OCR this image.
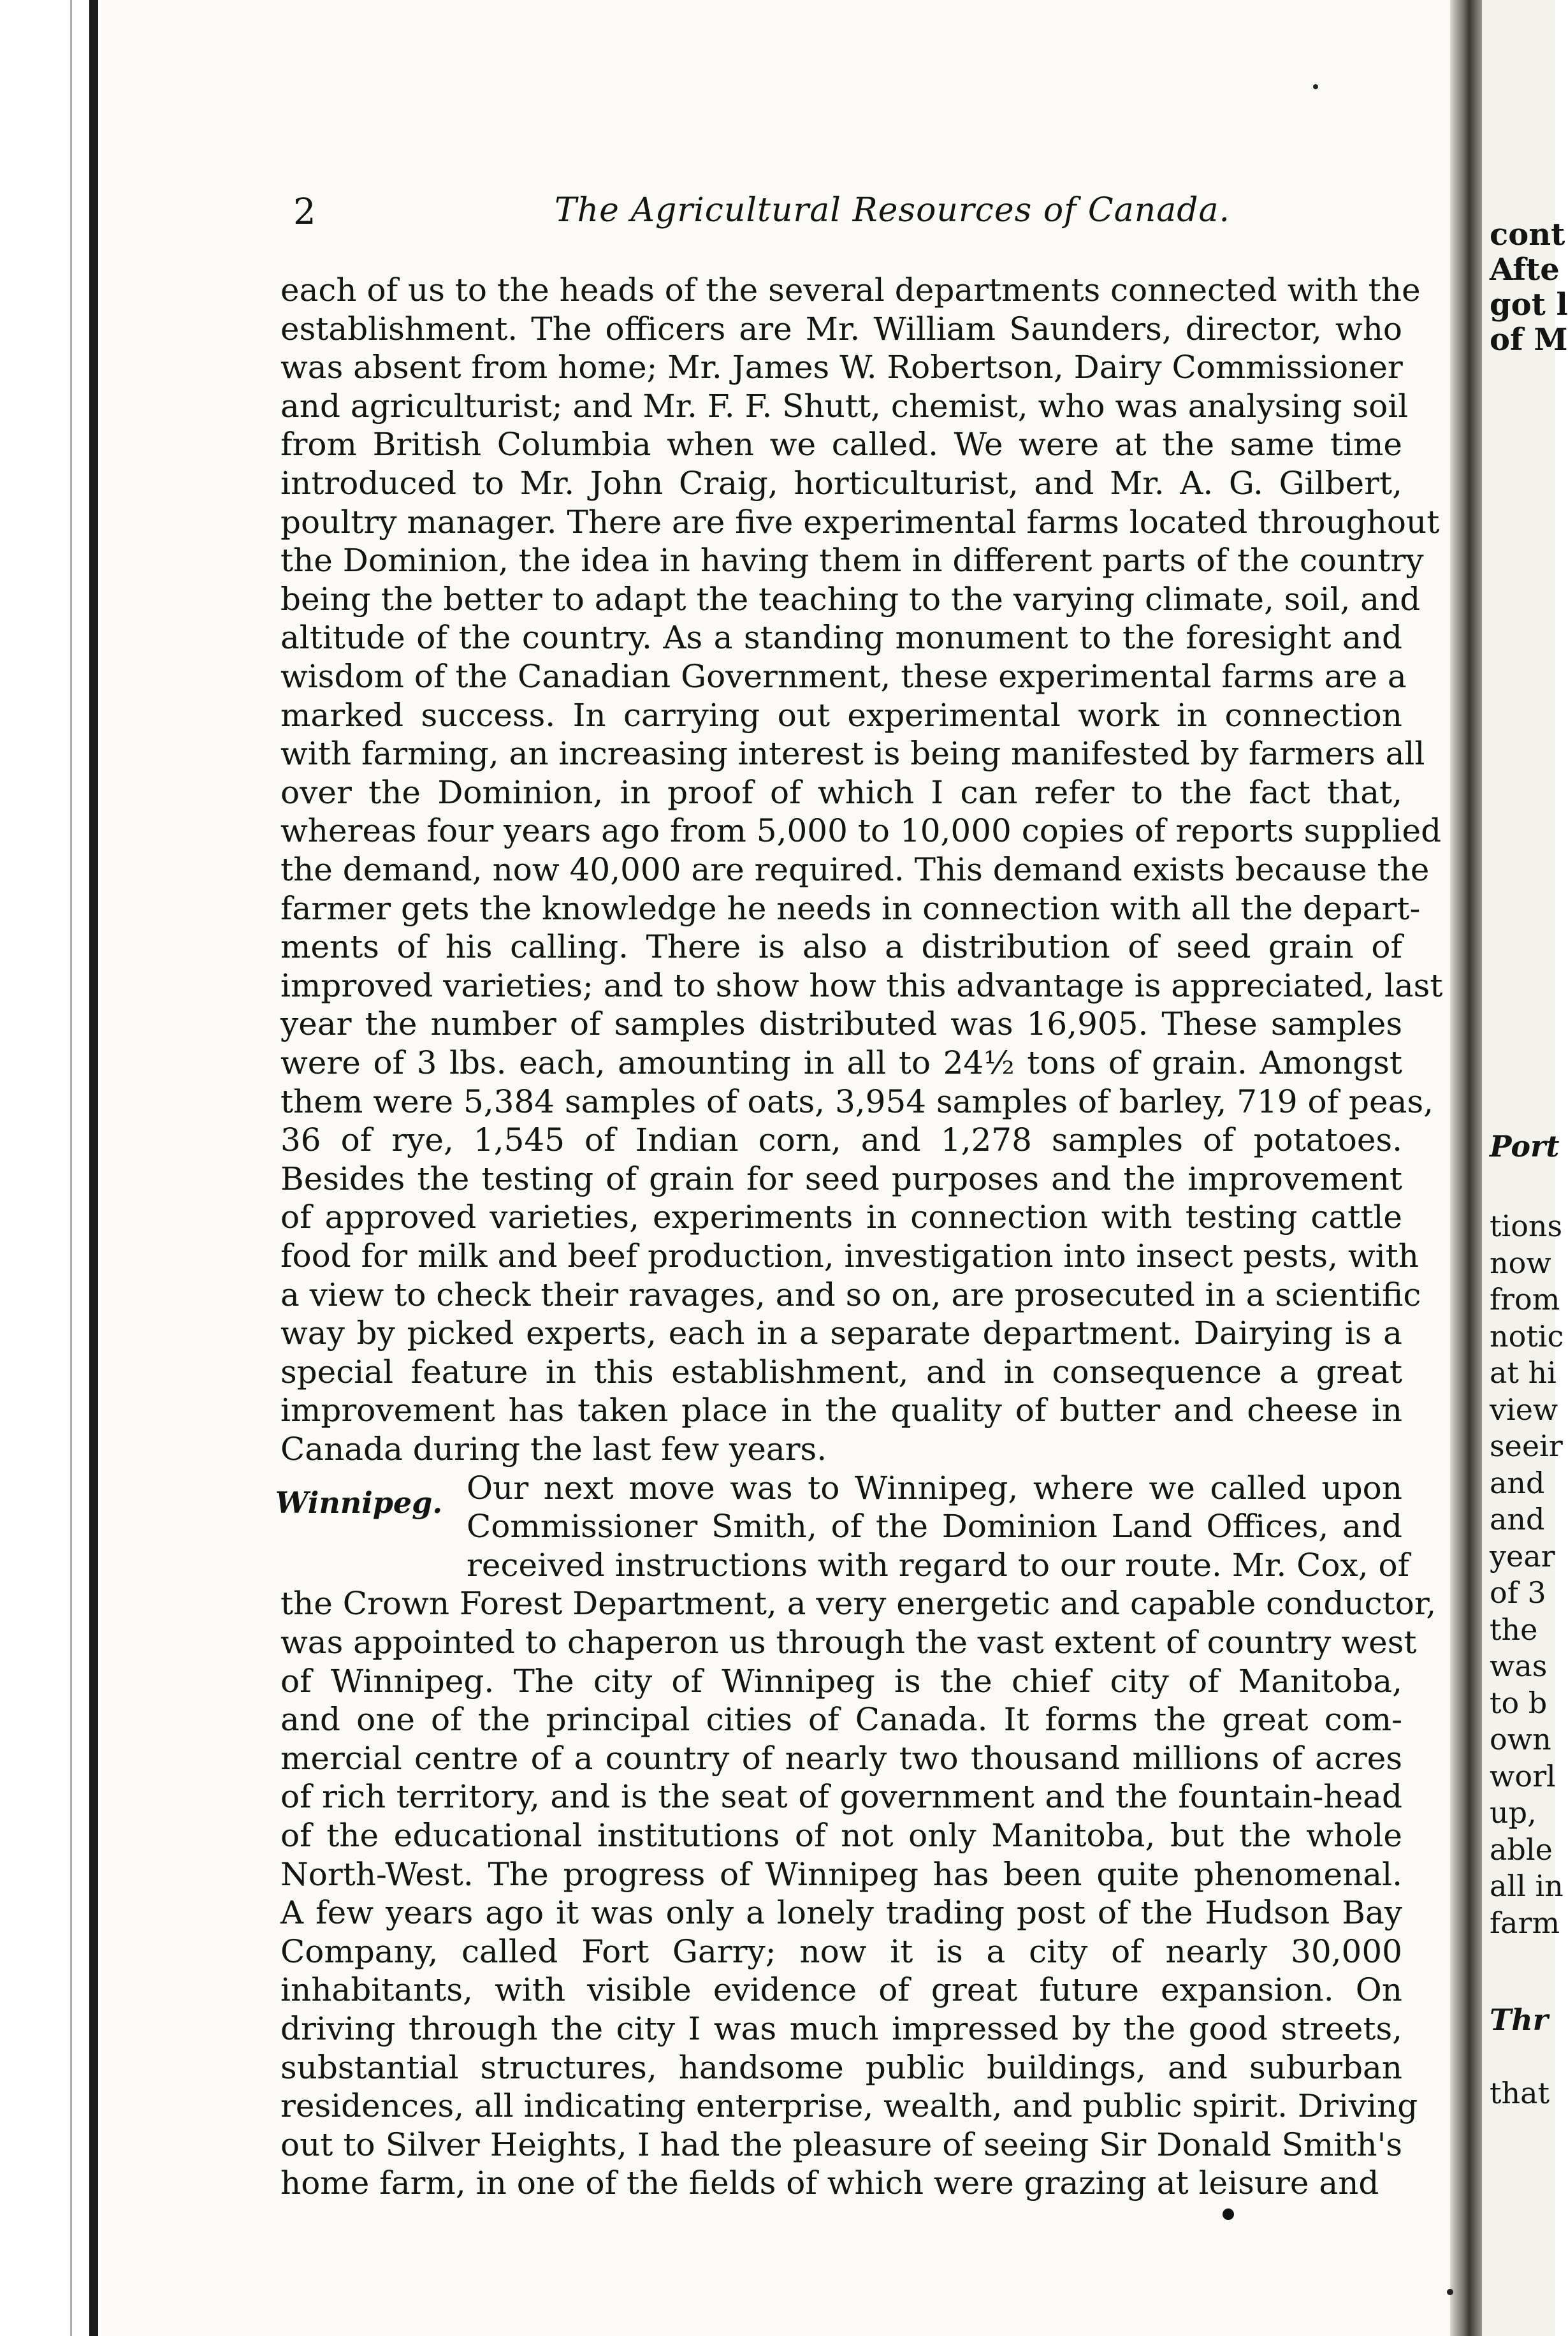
2	The Agricultural Resources of Canada.
each of us to the heads of the several departments connected with the
establishment. The officers are Mr. William Saunders, director, who
was absent from home; Mr. James W. Robertson, Dairy Commissioner
and agriculturist; and Mr. F. F. Shutt, chemist, who was analysing soil
from British Columbia when we called. We were at the same time
introduced to Mr. John Craig, horticulturist, and Mr. A. G. Gilbert,
poultry manager. There are five experimental farms located throughout
the Dominion, the idea in having them in different parts of the country
being the better to adapt the teaching to the varying climate, soil, and
altitude of the country. As a standing monument to the foresight and
wisdom of the Canadian Government, these experimental farms are a
marked success. In carrying out experimental work in connection
with farming, an increasing interest is being manifested by farmers all
over the Dominion, in proof of which I can refer to the fact that,
whereas four years ago from 5,000 to 10,000 copies of reports supplied
the demand, now 40,000 are required. This demand exists because the
farmer gets the knowledge he needs in connection with all the depart-
ments of his calling. There is also a distribution of seed grain of
improved varieties; and to show how this advantage is appreciated, last
year the number of samples distributed was 16,905. These samples
were of 3 lbs. each, amounting in all to 24½ tons of grain. Amongst
them were 5,384 samples of oats, 3,954 samples of barley, 719 of peas,
36 of rye, 1,545 of Indian corn, and 1,278 samples of potatoes.
Besides the testing of grain for seed purposes and the improvement
of approved varieties, experiments in connection with testing cattle
food for milk and beef production, investigation into insect pests, with
a view to check their ravages, and so on, are prosecuted in a scientific
way by picked experts, each in a separate department. Dairying is a
special feature in this establishment, and in consequence a great
improvement has taken place in the quality of butter and cheese in
Canada during the last few years.
Our next move was to Winnipeg, where we called upon
Commissioner Smith, of the Dominion Land Offices, and
received instructions with regard to our route. Mr. Cox, of
the Crown Forest Department, a very energetic and capable conductor,
was appointed to chaperon us through the vast extent of country west
of Winnipeg. The city of Winnipeg is the chief city of Manitoba,
and one of the principal cities of Canada. It forms the great com-
mercial centre of a country of nearly two thousand millions of acres
of rich territory, and is the seat of government and the fountain-head
of the educational institutions of not only Manitoba, but the whole
North-West. The progress of Winnipeg has been quite phenomenal.
A few years ago it was only a lonely trading post of the Hudson Bay
Company, called Fort Garry; now it is a city of nearly 30,000
inhabitants, with visible evidence of great future expansion. On
driving through the city I was much impressed by the good streets,
substantial structures, handsome public buildings, and suburban
residences, all indicating enterprise, wealth, and public spirit. Driving
out to Silver Heights, I had the pleasure of seeing Sir Donald Smith's
home farm, in one of the fields of which were grazing at leisure and
Winnipeg.
cont
Afte
got l
of M
Port
tions
now
from
notic
at hi
view
seeir
and
and
year
of 3
the
was
to b
own
worl
up,
able
all in
farm
Thr
that
